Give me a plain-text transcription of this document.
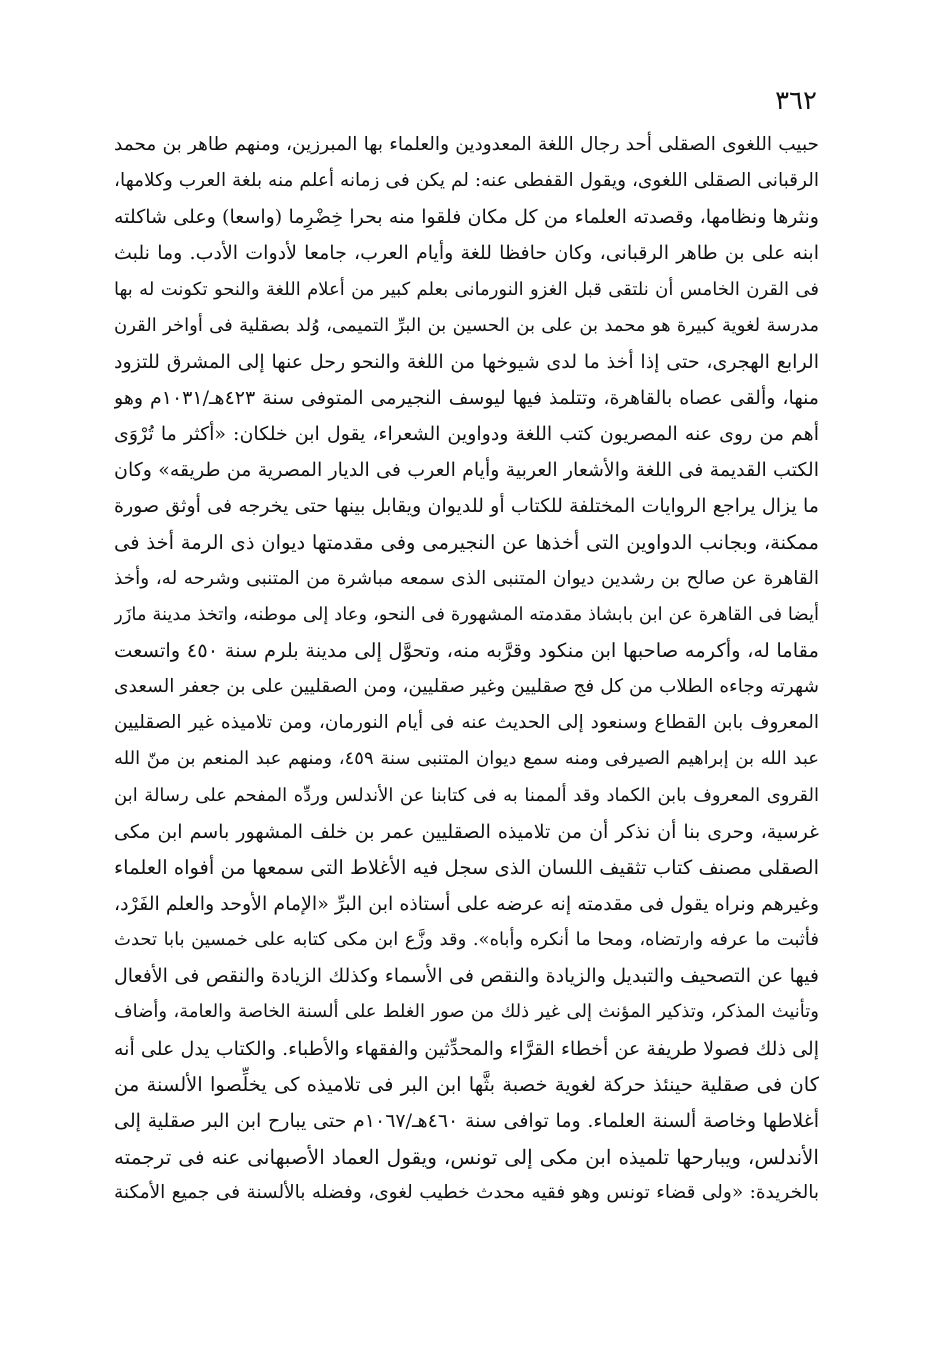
٣٦٢
حبيب اللغوى الصقلى أحد رجال اللغة المعدودين والعلماء بها المبرزين، ومنهم طاهر بن محمد
الرقبانى الصقلى اللغوى، ويقول القفطى عنه: لم يكن فى زمانه أعلم منه بلغة العرب وكلامها،
ونثرها ونظامها، وقصدته العلماء من كل مكان فلقوا منه بحرا خِضْرِما (واسعا) وعلى شاكلته
ابنه على بن طاهر الرقبانى، وكان حافظا للغة وأيام العرب، جامعا لأدوات الأدب. وما نلبث
فى القرن الخامس أن نلتقى قبل الغزو النورمانى بعلم كبير من أعلام اللغة والنحو تكونت له بها
مدرسة لغوية كبيرة هو محمد بن على بن الحسين بن البرِّ التميمى، وُلد بصقلية فى أواخر القرن
الرابع الهجرى، حتى إذا أخذ ما لدى شيوخها من اللغة والنحو رحل عنها إلى المشرق للتزود
منها، وألقى عصاه بالقاهرة، وتتلمذ فيها ليوسف النجيرمى المتوفى سنة ٤٢٣هـ/١٠٣١م وهو
أهم من روى عنه المصريون كتب اللغة ودواوين الشعراء، يقول ابن خلكان: «أكثر ما تُرْوَى
الكتب القديمة فى اللغة والأشعار العربية وأيام العرب فى الديار المصرية من طريقه» وكان
ما يزال يراجع الروايات المختلفة للكتاب أو للديوان ويقابل بينها حتى يخرجه فى أوثق صورة
ممكنة، وبجانب الدواوين التى أخذها عن النجيرمى وفى مقدمتها ديوان ذى الرمة أخذ فى
القاهرة عن صالح بن رشدين ديوان المتنبى الذى سمعه مباشرة من المتنبى وشرحه له، وأخذ
أيضا فى القاهرة عن ابن بابشاذ مقدمته المشهورة فى النحو، وعاد إلى موطنه، واتخذ مدينة مازَر
مقاما له، وأكرمه صاحبها ابن منكود وقرَّبه منه، وتحوَّل إلى مدينة بلرم سنة ٤٥٠ واتسعت
شهرته وجاءه الطلاب من كل فج صقليين وغير صقليين، ومن الصقليين على بن جعفر السعدى
المعروف بابن القطاع وسنعود إلى الحديث عنه فى أيام النورمان، ومن تلاميذه غير الصقليين
عبد الله بن إبراهيم الصيرفى ومنه سمع ديوان المتنبى سنة ٤٥٩، ومنهم عبد المنعم بن منّ الله
القروى المعروف بابن الكماد وقد ألممنا به فى كتابنا عن الأندلس وردِّه المفحم على رسالة ابن
غرسية، وحرى بنا أن نذكر أن من تلاميذه الصقليين عمر بن خلف المشهور باسم ابن مكى
الصقلى مصنف كتاب تثقيف اللسان الذى سجل فيه الأغلاط التى سمعها من أفواه العلماء
وغيرهم ونراه يقول فى مقدمته إنه عرضه على أستاذه ابن البرِّ «الإمام الأوحد والعلم الفَرْد،
فأثبت ما عرفه وارتضاه، ومحا ما أنكره وأباه». وقد وزَّع ابن مكى كتابه على خمسين بابا تحدث
فيها عن التصحيف والتبديل والزيادة والنقص فى الأسماء وكذلك الزيادة والنقص فى الأفعال
وتأنيث المذكر، وتذكير المؤنث إلى غير ذلك من صور الغلط على ألسنة الخاصة والعامة، وأضاف
إلى ذلك فصولا طريفة عن أخطاء القرَّاء والمحدِّثين والفقهاء والأطباء. والكتاب يدل على أنه
كان فى صقلية حينئذ حركة لغوية خصبة بثَّها ابن البر فى تلاميذه كى يخلِّصوا الألسنة من
أغلاطها وخاصة ألسنة العلماء. وما توافى سنة ٤٦٠هـ/١٠٦٧م حتى يبارح ابن البر صقلية إلى
الأندلس، ويبارحها تلميذه ابن مكى إلى تونس، ويقول العماد الأصبهانى عنه فى ترجمته
بالخريدة: «ولى قضاء تونس وهو فقيه محدث خطيب لغوى، وفضله بالألسنة فى جميع الأمكنة
